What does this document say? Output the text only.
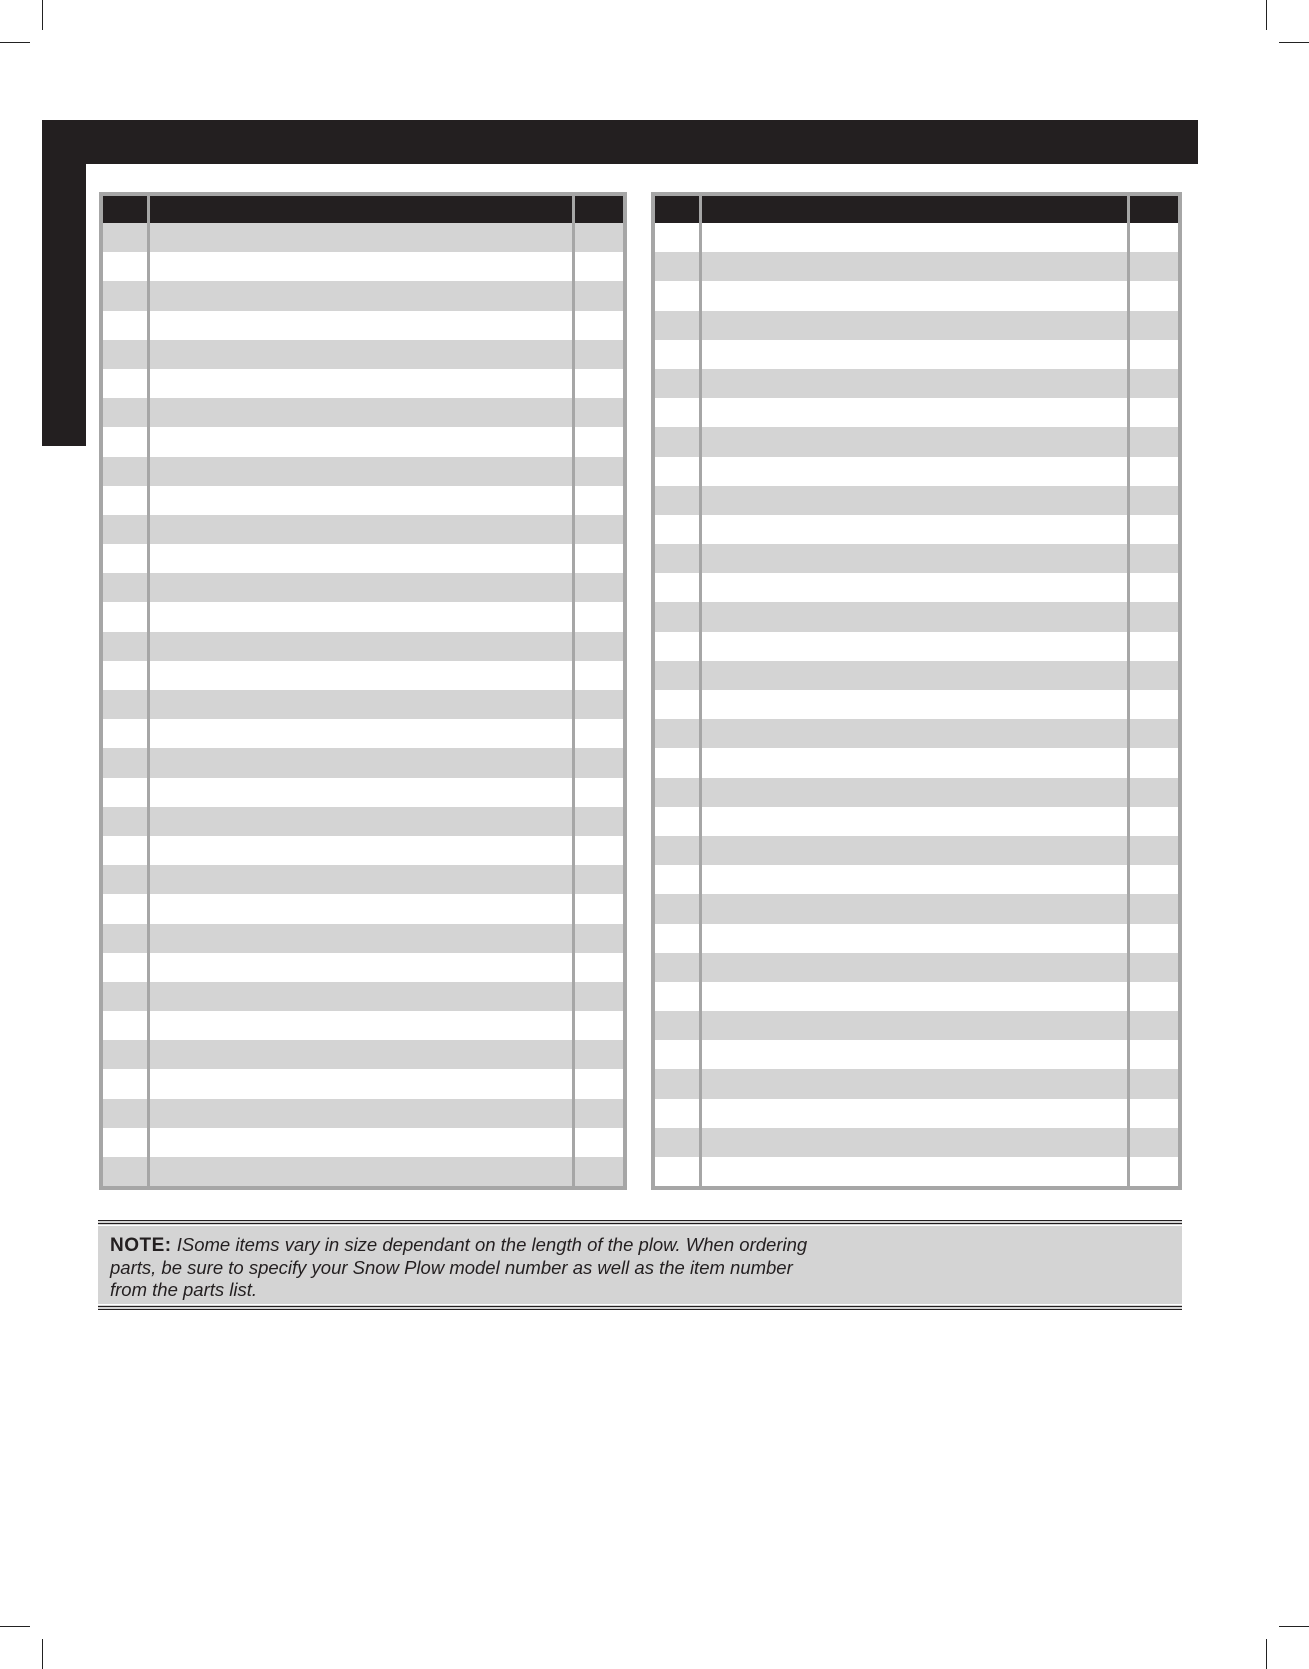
NOTE: ISome items vary in size dependant on the length of the plow. When ordering parts, be sure to specify your Snow Plow model number as well as the item number from the parts list.
